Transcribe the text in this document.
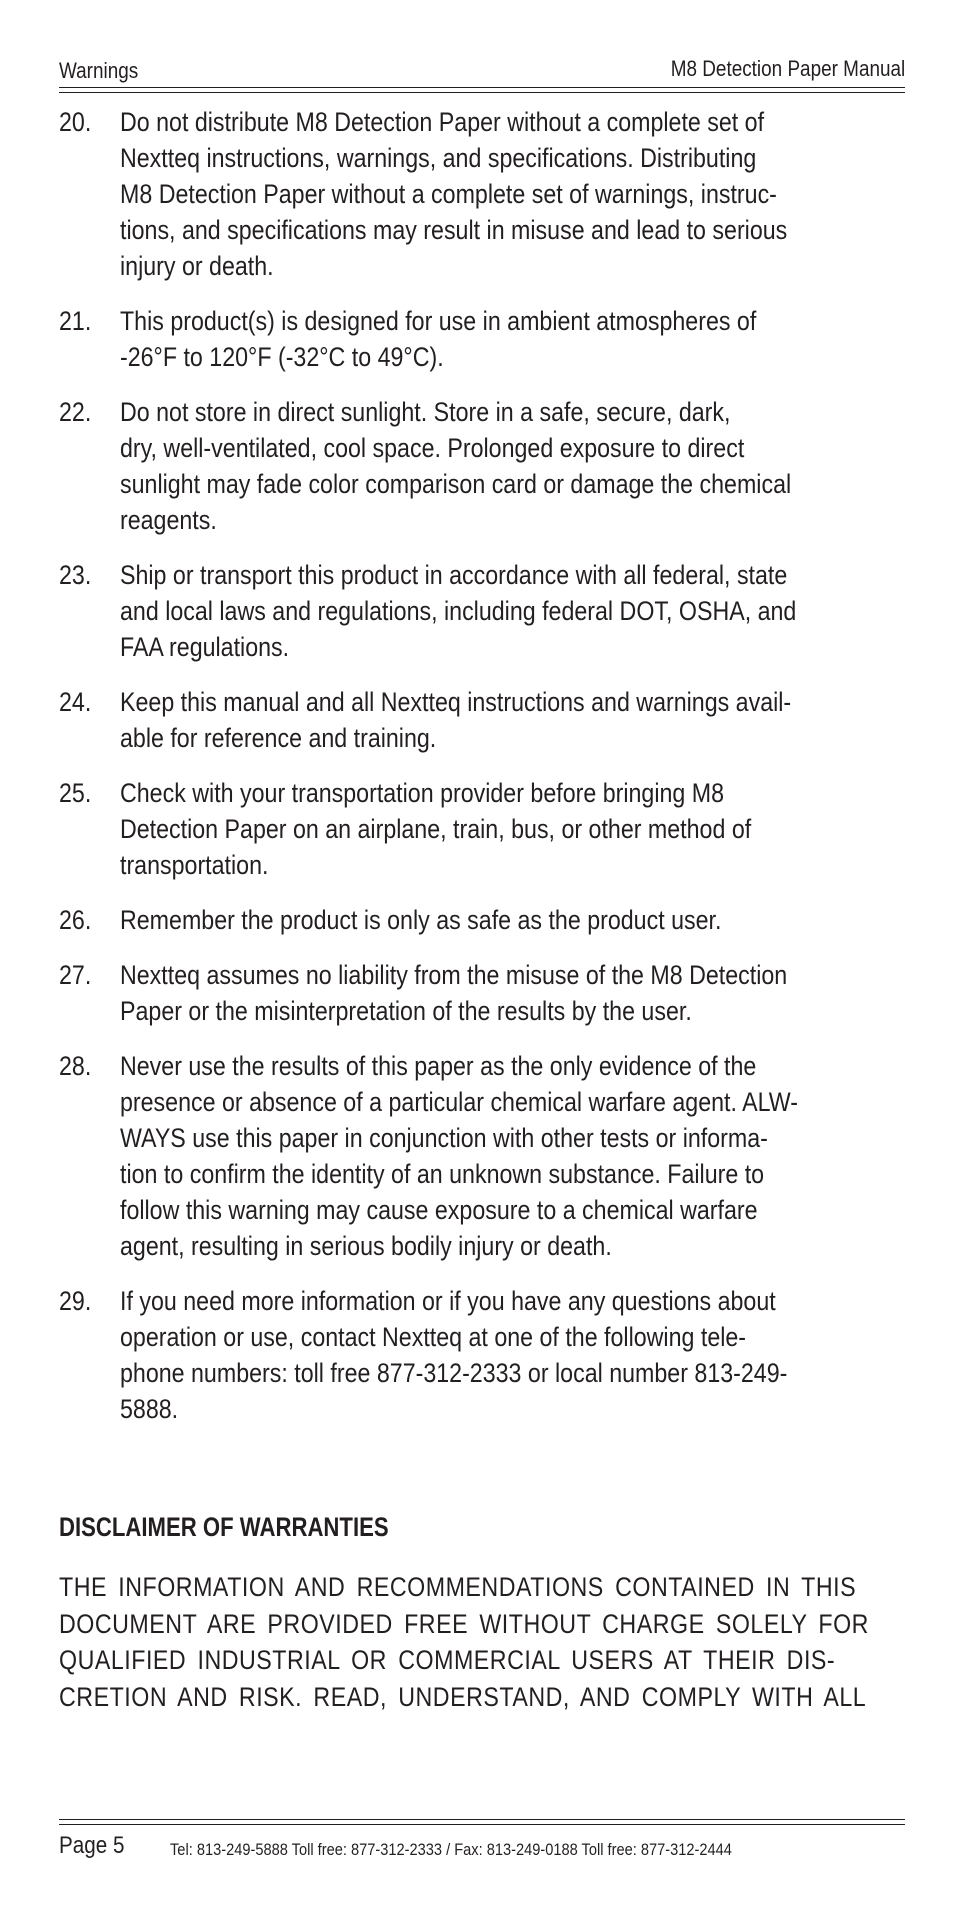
Warnings	M8 Detection Paper Manual
20.	Do not distribute M8 Detection Paper without a complete set of
Nextteq instructions, warnings, and specifications. Distributing
M8 Detection Paper without a complete set of warnings, instruc-
tions, and specifications may result in misuse and lead to serious
injury or death.
21.	This product(s) is designed for use in ambient atmospheres of
-26°F to 120°F (-32°C to 49°C).
22.	Do not store in direct sunlight. Store in a safe, secure, dark,
dry, well-ventilated, cool space. Prolonged exposure to direct
sunlight may fade color comparison card or damage the chemical
reagents.
23.	Ship or transport this product in accordance with all federal, state
and local laws and regulations, including federal DOT, OSHA, and
FAA regulations.
24.	Keep this manual and all Nextteq instructions and warnings avail-
able for reference and training.
25.	Check with your transportation provider before bringing M8
Detection Paper on an airplane, train, bus, or other method of
transportation.
26.	Remember the product is only as safe as the product user.
27.	Nextteq assumes no liability from the misuse of the M8 Detection
Paper or the misinterpretation of the results by the user.
28.	Never use the results of this paper as the only evidence of the
presence or absence of a particular chemical warfare agent. ALW-
WAYS use this paper in conjunction with other tests or informa-
tion to confirm the identity of an unknown substance. Failure to
follow this warning may cause exposure to a chemical warfare
agent, resulting in serious bodily injury or death.
29.	If you need more information or if you have any questions about
operation or use, contact Nextteq at one of the following tele-
phone numbers: toll free 877-312-2333 or local number 813-249-
5888.
DISCLAIMER OF WARRANTIES
THE INFORMATION AND RECOMMENDATIONS CONTAINED IN THIS
DOCUMENT ARE PROVIDED FREE WITHOUT CHARGE SOLELY FOR
QUALIFIED INDUSTRIAL OR COMMERCIAL USERS AT THEIR DIS-
CRETION AND RISK. READ, UNDERSTAND, AND COMPLY WITH ALL
Page 5	Tel: 813-249-5888 Toll free: 877-312-2333 / Fax: 813-249-0188 Toll free: 877-312-2444
